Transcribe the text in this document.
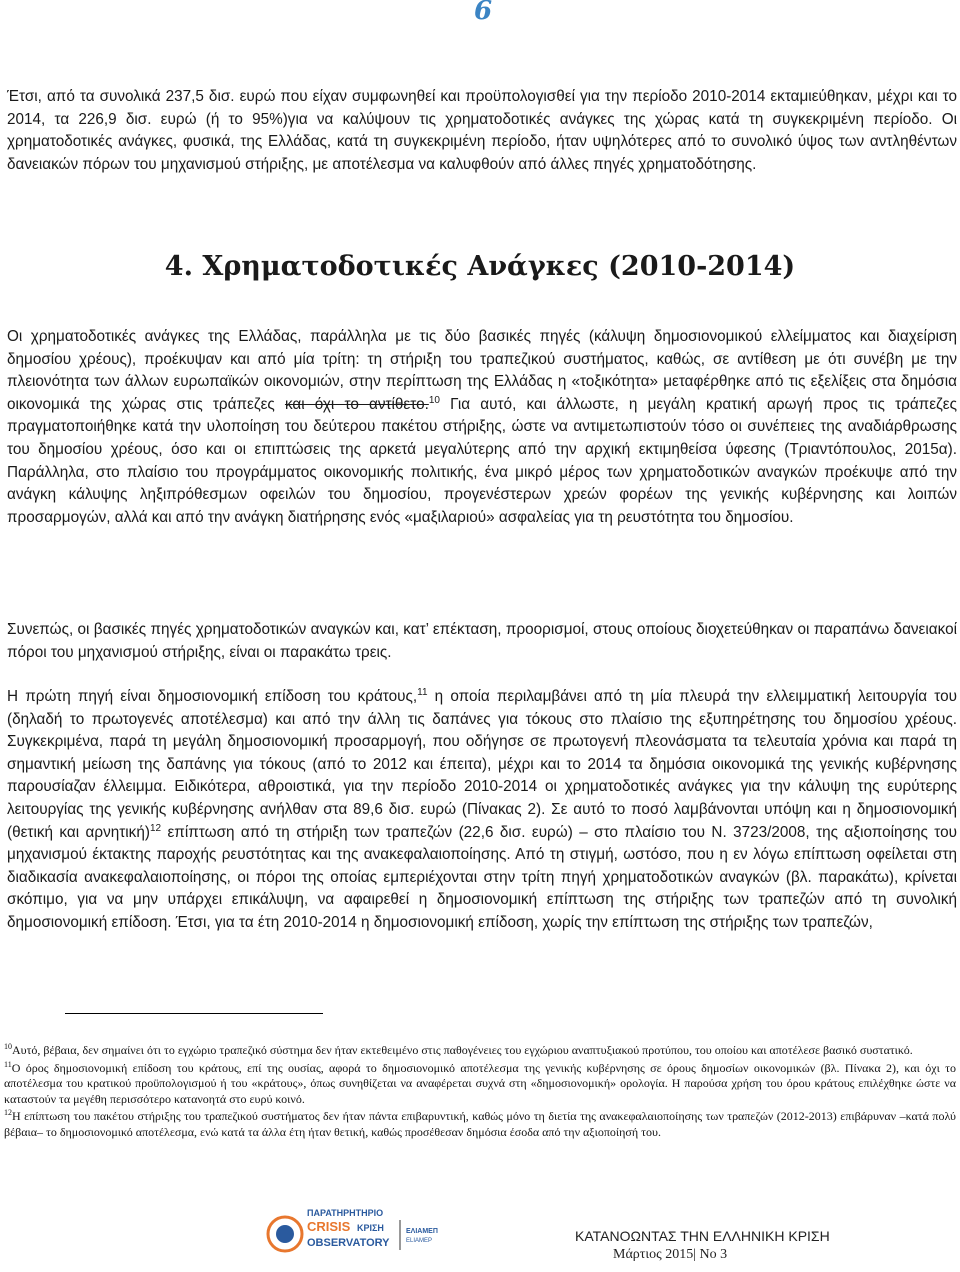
6

Έτσι, από τα συνολικά 237,5 δισ. ευρώ που είχαν συμφωνηθεί και προϋπολογισθεί για την περίοδο 2010-2014 εκταμιεύθηκαν, μέχρι και το 2014, τα 226,9 δισ. ευρώ (ή το 95%)για να καλύψουν τις χρηματοδοτικές ανάγκες της χώρας κατά τη συγκεκριμένη περίοδο. Οι χρηματοδοτικές ανάγκες, φυσικά, της Ελλάδας, κατά τη συγκεκριμένη περίοδο, ήταν υψηλότερες από το συνολικό ύψος των αντληθέντων δανειακών πόρων του μηχανισμού στήριξης, με αποτέλεσμα να καλυφθούν από άλλες πηγές χρηματοδότησης.

4. Χρηματοδοτικές Ανάγκες (2010-2014)

Οι χρηματοδοτικές ανάγκες της Ελλάδας, παράλληλα με τις δύο βασικές πηγές (κάλυψη δημοσιονομικού ελλείμματος και διαχείριση δημοσίου χρέους), προέκυψαν και από μία τρίτη: τη στήριξη του τραπεζικού συστήματος, καθώς, σε αντίθεση με ότι συνέβη με την πλειονότητα των άλλων ευρωπαϊκών οικονομιών, στην περίπτωση της Ελλάδας η «τοξικότητα» μεταφέρθηκε από τις εξελίξεις στα δημόσια οικονομικά της χώρας στις τράπεζες και όχι το αντίθετο.$^{10}$ Για αυτό, και άλλωστε, η μεγάλη κρατική αρωγή προς τις τράπεζες πραγματοποιήθηκε κατά την υλοποίηση του δεύτερου πακέτου στήριξης, ώστε να αντιμετωπιστούν τόσο οι συνέπειες της αναδιάρθρωσης του δημοσίου χρέους, όσο και οι επιπτώσεις της αρκετά μεγαλύτερης από την αρχική εκτιμηθείσα ύφεσης (Τριαντόπουλος, 2015α). Παράλληλα, στο πλαίσιο του προγράμματος οικονομικής πολιτικής, ένα μικρό μέρος των χρηματοδοτικών αναγκών προέκυψε από την ανάγκη κάλυψης ληξιπρόθεσμων οφειλών του δημοσίου, προγενέστερων χρεών φορέων της γενικής κυβέρνησης και λοιπών προσαρμογών, αλλά και από την ανάγκη διατήρησης ενός «μαξιλαριού» ασφαλείας για τη ρευστότητα του δημοσίου.

Συνεπώς, οι βασικές πηγές χρηματοδοτικών αναγκών και, κατ’ επέκταση, προορισμοί, στους οποίους διοχετεύθηκαν οι παραπάνω δανειακοί πόροι του μηχανισμού στήριξης, είναι οι παρακάτω τρεις.

Η πρώτη πηγή είναι δημοσιονομική επίδοση του κράτους,$^{11}$ η οποία περιλαμβάνει από τη μία πλευρά την ελλειμματική λειτουργία του (δηλαδή το πρωτογενές αποτέλεσμα) και από την άλλη τις δαπάνες για τόκους στο πλαίσιο της εξυπηρέτησης του δημοσίου χρέους. Συγκεκριμένα, παρά τη μεγάλη δημοσιονομική προσαρμογή, που οδήγησε σε πρωτογενή πλεονάσματα τα τελευταία χρόνια και παρά τη σημαντική μείωση της δαπάνης για τόκους (από το 2012 και έπειτα), μέχρι και το 2014 τα δημόσια οικονομικά της γενικής κυβέρνησης παρουσίαζαν έλλειμμα. Ειδικότερα, αθροιστικά, για την περίοδο 2010-2014 οι χρηματοδοτικές ανάγκες για την κάλυψη της ευρύτερης λειτουργίας της γενικής κυβέρνησης ανήλθαν στα 89,6 δισ. ευρώ (Πίνακας 2). Σε αυτό το ποσό λαμβάνονται υπόψη και η δημοσιονομική (θετική και αρνητική)$^{12}$ επίπτωση από τη στήριξη των τραπεζών (22,6 δισ. ευρώ) – στο πλαίσιο του Ν. 3723/2008, της αξιοποίησης του μηχανισμού έκτακτης παροχής ρευστότητας και της ανακεφαλαιοποίησης. Από τη στιγμή, ωστόσο, που η εν λόγω επίπτωση οφείλεται στη διαδικασία ανακεφαλαιοποίησης, οι πόροι της οποίας εμπεριέχονται στην τρίτη πηγή χρηματοδοτικών αναγκών (βλ. παρακάτω), κρίνεται σκόπιμο, για να μην υπάρχει επικάλυψη, να αφαιρεθεί η δημοσιονομική επίπτωση της στήριξης των τραπεζών από τη συνολική δημοσιονομική επίδοση. Έτσι, για τα έτη 2010-2014 η δημοσιονομική επίδοση, χωρίς την επίπτωση της στήριξης των τραπεζών,

$^{10}$Αυτό, βέβαια, δεν σημαίνει ότι το εγχώριο τραπεζικό σύστημα δεν ήταν εκτεθειμένο στις παθογένειες του εγχώριου αναπτυξιακού προτύπου, του οποίου και αποτέλεσε βασικό συστατικό.

$^{11}$Ο όρος δημοσιονομική επίδοση του κράτους, επί της ουσίας, αφορά το δημοσιονομικό αποτέλεσμα της γενικής κυβέρνησης σε όρους δημοσίων οικονομικών (βλ. Πίνακα 2), και όχι το αποτέλεσμα του κρατικού προϋπολογισμού ή του «κράτους», όπως συνηθίζεται να αναφέρεται συχνά στη «δημοσιονομική» ορολογία. Η παρούσα χρήση του όρου κράτους επιλέχθηκε ώστε να καταστούν τα μεγέθη περισσότερο κατανοητά στο ευρύ κοινό.

$^{12}$Η επίπτωση του πακέτου στήριξης του τραπεζικού συστήματος δεν ήταν πάντα επιβαρυντική, καθώς μόνο τη διετία της ανακεφαλαιοποίησης των τραπεζών (2012-2013) επιβάρυναν –κατά πολύ βέβαια– το δημοσιονομικό αποτέλεσμα, ενώ κατά τα άλλα έτη ήταν θετική, καθώς προσέθεσαν δημόσια έσοδα από την αξιοποίησή του.

ΠΑΡΑΤΗΡΗΤΗΡΙΟ
CRISIS ΚΡΙΣΗ
OBSERVATORY
ΕΛΙΑΜΕΠ
ELIAMEP	ΚΑΤΑΝΟΩΝΤΑΣ ΤΗΝ ΕΛΛΗΝΙΚΗ ΚΡΙΣΗ
Μάρτιος 2015| Νο 3
